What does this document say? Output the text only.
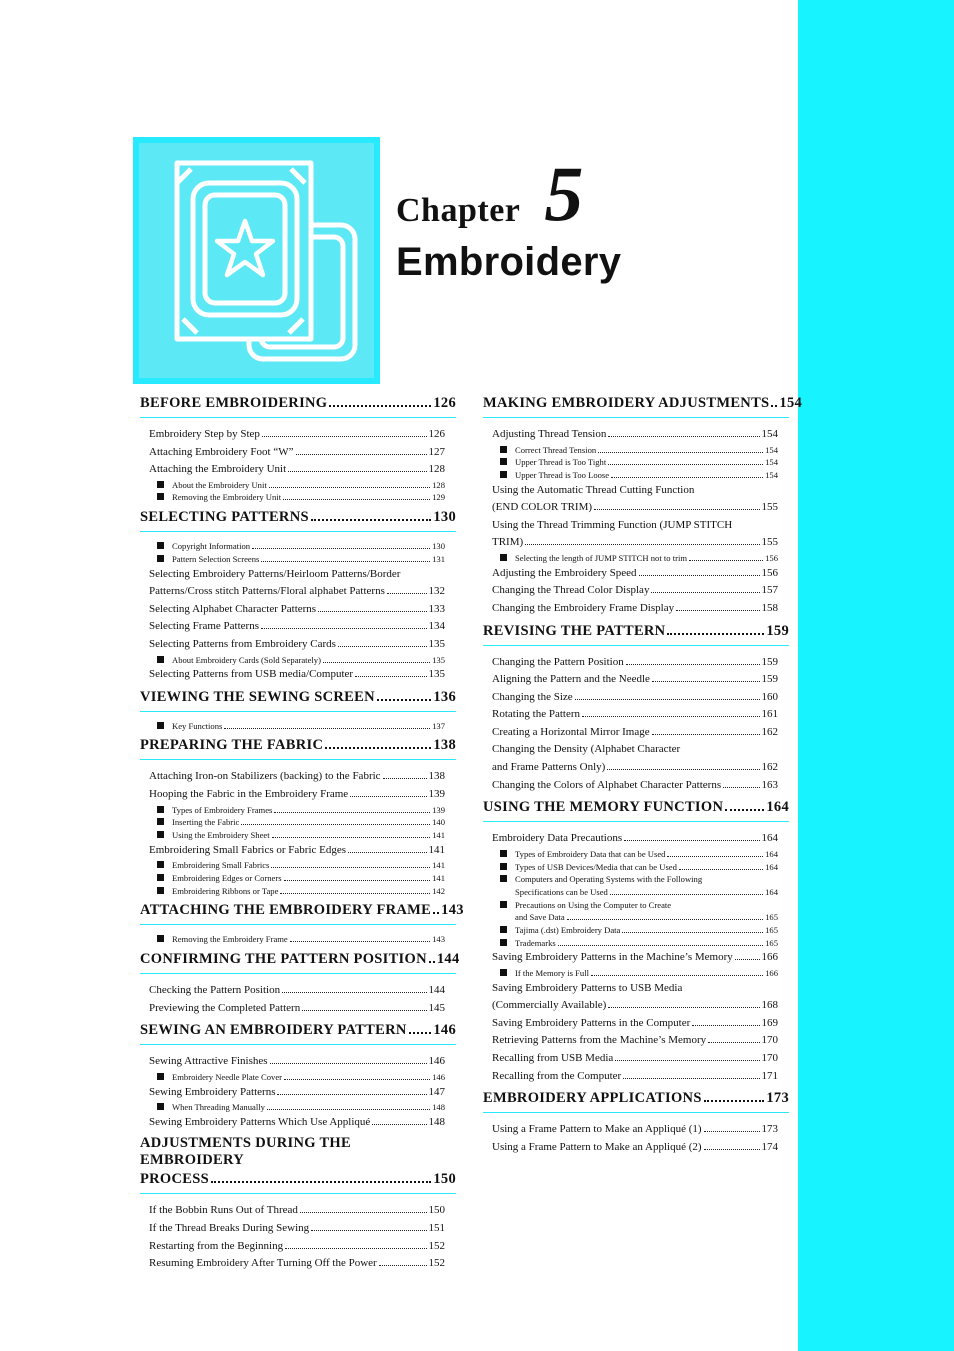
Chapter 5
Embroidery
BEFORE EMBROIDERING	126
Embroidery Step by Step	126
Attaching Embroidery Foot “W”	127
Attaching the Embroidery Unit	128
About the Embroidery Unit	128
Removing the Embroidery Unit	129
SELECTING PATTERNS	130
Copyright Information	130
Pattern Selection Screens	131
Selecting Embroidery Patterns/Heirloom Patterns/Border
Patterns/Cross stitch Patterns/Floral alphabet Patterns	132
Selecting Alphabet Character Patterns	133
Selecting Frame Patterns	134
Selecting Patterns from Embroidery Cards	135
About Embroidery Cards (Sold Separately)	135
Selecting Patterns from USB media/Computer	135
VIEWING THE SEWING SCREEN	136
Key Functions	137
PREPARING THE FABRIC	138
Attaching Iron-on Stabilizers (backing) to the Fabric	138
Hooping the Fabric in the Embroidery Frame	139
Types of Embroidery Frames	139
Inserting the Fabric	140
Using the Embroidery Sheet	141
Embroidering Small Fabrics or Fabric Edges	141
Embroidering Small Fabrics	141
Embroidering Edges or Corners	141
Embroidering Ribbons or Tape	142
ATTACHING THE EMBROIDERY FRAME 143
Removing the Embroidery Frame	143
CONFIRMING THE PATTERN POSITION 144
Checking the Pattern Position	144
Previewing the Completed Pattern	145
SEWING AN EMBROIDERY PATTERN 146
Sewing Attractive Finishes	146
Embroidery Needle Plate Cover	146
Sewing Embroidery Patterns	147
When Threading Manually	148
Sewing Embroidery Patterns Which Use Appliqué	148
ADJUSTMENTS DURING THE EMBROIDERY
PROCESS	150
If the Bobbin Runs Out of Thread	150
If the Thread Breaks During Sewing	151
Restarting from the Beginning	152
Resuming Embroidery After Turning Off the Power	152
MAKING EMBROIDERY ADJUSTMENTS 154
Adjusting Thread Tension	154
Correct Thread Tension	154
Upper Thread is Too Tight	154
Upper Thread is Too Loose	154
Using the Automatic Thread Cutting Function
(END COLOR TRIM)	155
Using the Thread Trimming Function (JUMP STITCH
TRIM)	155
Selecting the length of JUMP STITCH not to trim	156
Adjusting the Embroidery Speed	156
Changing the Thread Color Display	157
Changing the Embroidery Frame Display	158
REVISING THE PATTERN	159
Changing the Pattern Position	159
Aligning the Pattern and the Needle	159
Changing the Size	160
Rotating the Pattern	161
Creating a Horizontal Mirror Image	162
Changing the Density (Alphabet Character
and Frame Patterns Only)	162
Changing the Colors of Alphabet Character Patterns	163
USING THE MEMORY FUNCTION	164
Embroidery Data Precautions	164
Types of Embroidery Data that can be Used	164
Types of USB Devices/Media that can be Used	164
Computers and Operating Systems with the Following
Specifications can be Used	164
Precautions on Using the Computer to Create
and Save Data	165
Tajima (.dst) Embroidery Data	165
Trademarks	165
Saving Embroidery Patterns in the Machine’s Memory	166
If the Memory is Full	166
Saving Embroidery Patterns to USB Media
(Commercially Available)	168
Saving Embroidery Patterns in the Computer	169
Retrieving Patterns from the Machine’s Memory	170
Recalling from USB Media	170
Recalling from the Computer	171
EMBROIDERY APPLICATIONS	173
Using a Frame Pattern to Make an Appliqué (1)	173
Using a Frame Pattern to Make an Appliqué (2)	174
